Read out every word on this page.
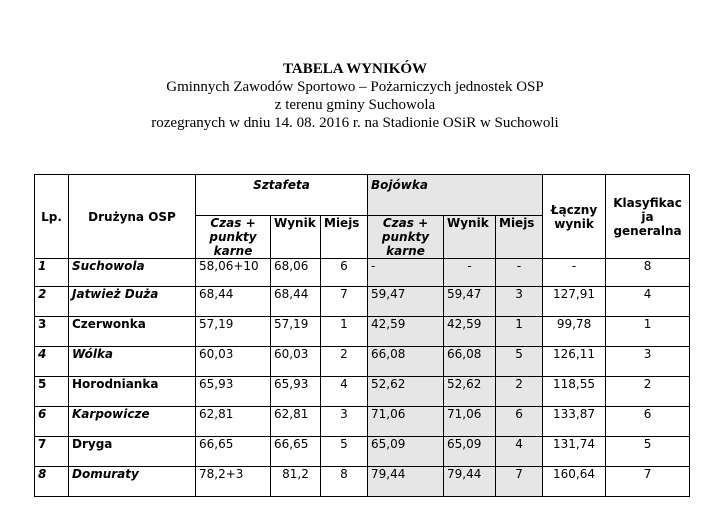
TABELA WYNIKÓW
Gminnych Zawodów Sportowo – Pożarniczych jednostek OSP
z terenu gminy Suchowola
rozegranych w dniu 14. 08. 2016 r. na Stadionie OSiR w Suchowoli
Lp.	Drużyna OSP	Sztafeta			Bojówka			Łączny wynik	Klasyfikac ja generalna
		Czas + punkty karne	Wynik	Miejs	Czas + punkty karne	Wynik	Miejs		
1	Suchowola	58,06+10	68,06	6	-	-	-	-	8
2	Jatwież Duża	68,44	68,44	7	59,47	59,47	3	127,91	4
3	Czerwonka	57,19	57,19	1	42,59	42,59	1	99,78	1
4	Wólka	60,03	60,03	2	66,08	66,08	5	126,11	3
5	Horodnianka	65,93	65,93	4	52,62	52,62	2	118,55	2
6	Karpowicze	62,81	62,81	3	71,06	71,06	6	133,87	6
7	Dryga	66,65	66,65	5	65,09	65,09	4	131,74	5
8	Domuraty	78,2+3	81,2	8	79,44	79,44	7	160,64	7
